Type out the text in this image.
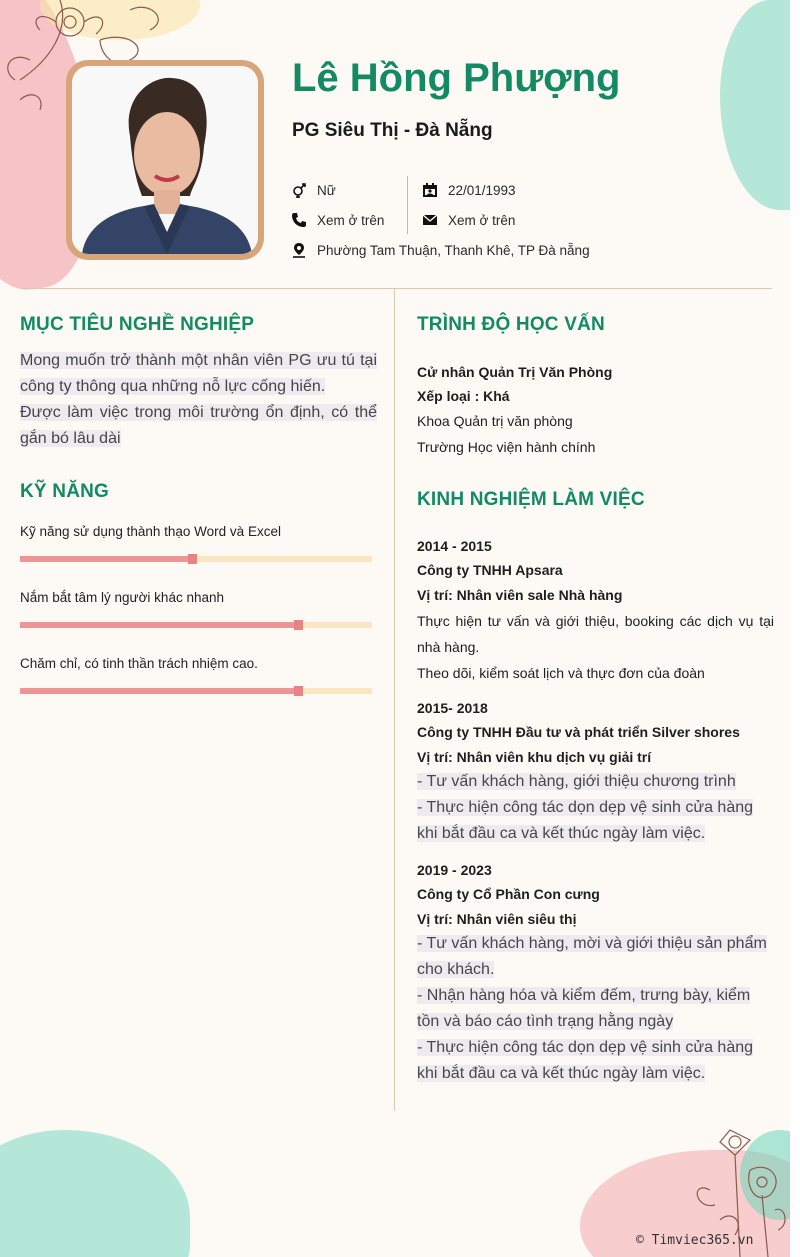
Lê Hồng Phượng
PG Siêu Thị - Đà Nẵng
Nữ
Xem ở trên
22/01/1993
Xem ở trên
Phường Tam Thuận, Thanh Khê, TP Đà nẵng
MỤC TIÊU NGHỀ NGHIỆP
Mong muốn trở thành một nhân viên PG ưu tú tại công ty thông qua những nỗ lực cống hiến.
Được làm việc trong môi trường ổn định, có thể gắn bó lâu dài
KỸ NĂNG
Kỹ năng sử dụng thành thạo Word và Excel
Nắm bắt tâm lý người khác nhanh
Chăm chỉ, có tinh thần trách nhiệm cao.
TRÌNH ĐỘ HỌC VẤN
Cử nhân Quản Trị Văn Phòng
Xếp loại : Khá
Khoa Quản trị văn phòng
Trường Học viện hành chính
KINH NGHIỆM LÀM VIỆC
2014 - 2015
Công ty TNHH Apsara
Vị trí: Nhân viên sale Nhà hàng
Thực hiện tư vấn và giới thiệu, booking các dịch vụ tại nhà hàng.
Theo dõi, kiểm soát lịch và thực đơn của đoàn
2015- 2018
Công ty TNHH Đầu tư và phát triển Silver shores
Vị trí: Nhân viên khu dịch vụ giải trí
- Tư vấn khách hàng, giới thiệu chương trình
- Thực hiện công tác dọn dẹp vệ sinh cửa hàng khi bắt đầu ca và kết thúc ngày làm việc.
2019 - 2023
Công ty Cổ Phần Con cưng
Vị trí: Nhân viên siêu thị
- Tư vấn khách hàng, mời và giới thiệu sản phẩm cho khách.
- Nhận hàng hóa và kiểm đếm, trưng bày, kiểm tồn và báo cáo tình trạng hằng ngày
- Thực hiện công tác dọn dẹp vệ sinh cửa hàng khi bắt đầu ca và kết thúc ngày làm việc.
© Timviec365.vn
